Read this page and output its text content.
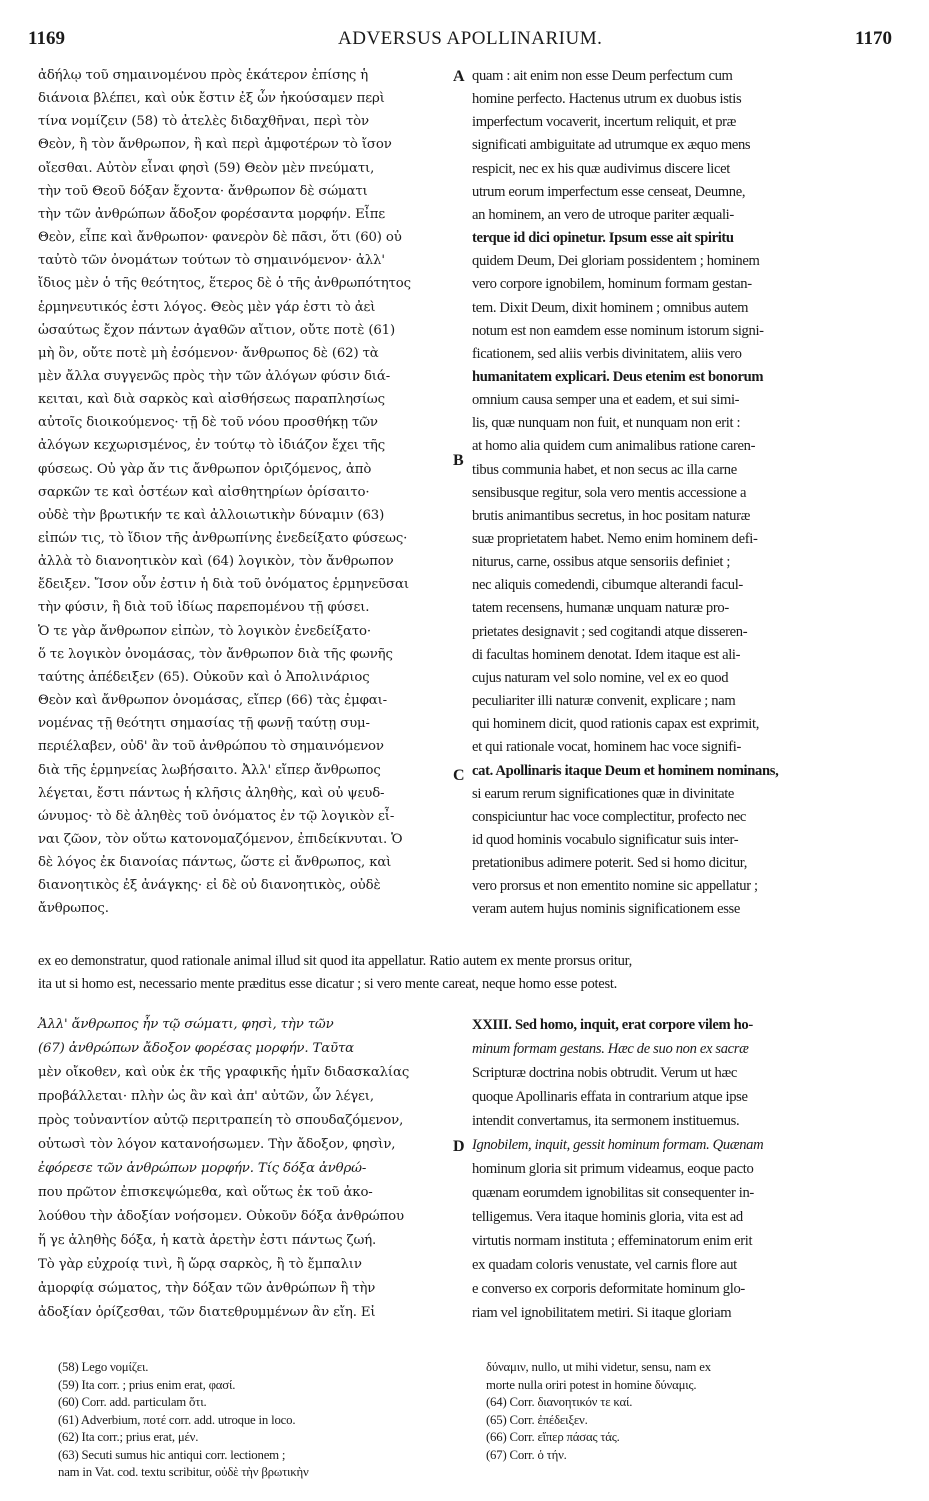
1169	ADVERSUS APOLLINARIUM.	1170
A
B
C
D
ἀδήλῳ τοῦ σημαινομένου πρὸς ἑκάτερον ἐπίσης ἡ
διάνοια βλέπει, καὶ οὐκ ἔστιν ἐξ ὧν ἠκούσαμεν περὶ
τίνα νομίζειν (58) τὸ ἀτελὲς διδαχθῆναι, περὶ τὸν
Θεὸν, ἢ τὸν ἄνθρωπον, ἢ καὶ περὶ ἀμφοτέρων τὸ ἴσον
οἴεσθαι. Αὐτὸν εἶναι φησὶ (59) Θεὸν μὲν πνεύματι,
τὴν τοῦ Θεοῦ δόξαν ἔχοντα· ἄνθρωπον δὲ σώματι
τὴν τῶν ἀνθρώπων ἄδοξον φορέσαντα μορφήν. Εἶπε
Θεὸν, εἶπε καὶ ἄνθρωπον· φανερὸν δὲ πᾶσι, ὅτι (60) οὐ
ταὐτὸ τῶν ὀνομάτων τούτων τὸ σημαινόμενον· ἀλλ'
ἴδιος μὲν ὁ τῆς θεότητος, ἕτερος δὲ ὁ τῆς ἀνθρωπότητος
ἑρμηνευτικός ἐστι λόγος. Θεὸς μὲν γάρ ἐστι τὸ ἀεὶ
ὡσαύτως ἔχον πάντων ἀγαθῶν αἴτιον, οὔτε ποτὲ (61)
μὴ ὂν, οὔτε ποτὲ μὴ ἐσόμενον· ἄνθρωπος δὲ (62) τὰ
μὲν ἄλλα συγγενῶς πρὸς τὴν τῶν ἀλόγων φύσιν διά-
κειται, καὶ διὰ σαρκὸς καὶ αἰσθήσεως παραπλησίως
αὐτοῖς διοικούμενος· τῇ δὲ τοῦ νόου προσθήκῃ τῶν
ἀλόγων κεχωρισμένος, ἐν τούτῳ τὸ ἰδιάζον ἔχει τῆς
φύσεως. Οὐ γὰρ ἄν τις ἄνθρωπον ὁριζόμενος, ἀπὸ
σαρκῶν τε καὶ ὀστέων καὶ αἰσθητηρίων ὁρίσαιτο·
οὐδὲ τὴν βρωτικήν τε καὶ ἀλλοιωτικὴν δύναμιν (63)
εἰπών τις, τὸ ἴδιον τῆς ἀνθρωπίνης ἐνεδείξατο φύσεως·
ἀλλὰ τὸ διανοητικὸν καὶ (64) λογικὸν, τὸν ἄνθρωπον
ἔδειξεν. Ἴσον οὖν ἐστιν ἡ διὰ τοῦ ὀνόματος ἑρμηνεῦσαι
τὴν φύσιν, ἢ διὰ τοῦ ἰδίως παρεπομένου τῇ φύσει.
Ὁ τε γὰρ ἄνθρωπον εἰπὼν, τὸ λογικὸν ἐνεδείξατο·
ὅ τε λογικὸν ὀνομάσας, τὸν ἄνθρωπον διὰ τῆς φωνῆς
ταύτης ἀπέδειξεν (65). Οὐκοῦν καὶ ὁ Ἀπολινάριος
Θεὸν καὶ ἄνθρωπον ὀνομάσας, εἴπερ (66) τὰς ἐμφαι-
νομένας τῇ θεότητι σημασίας τῇ φωνῇ ταύτῃ συμ-
περιέλαβεν, οὐδ' ἂν τοῦ ἀνθρώπου τὸ σημαινόμενον
διὰ τῆς ἑρμηνείας λωβήσαιτο. Ἀλλ' εἴπερ ἄνθρωπος
λέγεται, ἔστι πάντως ἡ κλῆσις ἀληθὴς, καὶ οὐ ψευδ-
ώνυμος· τὸ δὲ ἀληθὲς τοῦ ὀνόματος ἐν τῷ λογικὸν εἶ-
ναι ζῶον, τὸν οὕτω κατονομαζόμενον, ἐπιδείκνυται. Ὁ
δὲ λόγος ἐκ διανοίας πάντως, ὥστε εἰ ἄνθρωπος, καὶ
διανοητικὸς ἐξ ἀνάγκης· εἰ δὲ οὐ διανοητικὸς, οὐδὲ
ἄνθρωπος.
quam : ait enim non esse Deum perfectum cum
homine perfecto. Hactenus utrum ex duobus istis
imperfectum vocaverit, incertum reliquit, et præ
significati ambiguitate ad utrumque ex æquo mens
respicit, nec ex his quæ audivimus discere licet
utrum eorum imperfectum esse censeat, Deumne,
an hominem, an vero de utroque pariter æquali-
terque id dici opinetur. Ipsum esse ait spiritu
quidem Deum, Dei gloriam possidentem ; hominem
vero corpore ignobilem, hominum formam gestan-
tem. Dixit Deum, dixit hominem ; omnibus autem
notum est non eamdem esse nominum istorum signi-
ficationem, sed aliis verbis divinitatem, aliis vero
humanitatem explicari. Deus etenim est bonorum
omnium causa semper una et eadem, et sui simi-
lis, quæ nunquam non fuit, et nunquam non erit :
at homo alia quidem cum animalibus ratione caren-
tibus communia habet, et non secus ac illa carne
sensibusque regitur, sola vero mentis accessione a
brutis animantibus secretus, in hoc positam naturæ
suæ proprietatem habet. Nemo enim hominem defi-
niturus, carne, ossibus atque sensoriis definiet ;
nec aliquis comedendi, cibumque alterandi facul-
tatem recensens, humanæ unquam naturæ pro-
prietates designavit ; sed cogitandi atque disseren-
di facultas hominem denotat. Idem itaque est ali-
cujus naturam vel solo nomine, vel ex eo quod
peculiariter illi naturæ convenit, explicare ; nam
qui hominem dicit, quod rationis capax est exprimit,
et qui rationale vocat, hominem hac voce signifi-
cat. Apollinaris itaque Deum et hominem nominans,
si earum rerum significationes quæ in divinitate
conspiciuntur hac voce complectitur, profecto nec
id quod hominis vocabulo significatur suis inter-
pretationibus adimere poterit. Sed si homo dicitur,
vero prorsus et non ementito nomine sic appellatur ;
veram autem hujus nominis significationem esse
ex eo demonstratur, quod rationale animal illud sit quod ita appellatur. Ratio autem ex mente prorsus oritur,
ita ut si homo est, necessario mente præditus esse dicatur ; si vero mente careat, neque homo esse potest.
Ἀλλ' ἄνθρωπος ἦν τῷ σώματι, φησὶ, τὴν τῶν
(67) ἀνθρώπων ἄδοξον φορέσας μορφήν. Ταῦτα
μὲν οἴκοθεν, καὶ οὐκ ἐκ τῆς γραφικῆς ἡμῖν διδασκαλίας
προβάλλεται· πλὴν ὡς ἂν καὶ ἀπ' αὐτῶν, ὧν λέγει,
πρὸς τοὐναντίον αὐτῷ περιτραπείη τὸ σπουδαζόμενον,
οὑτωσὶ τὸν λόγον κατανοήσωμεν. Τὴν ἄδοξον, φησὶν,
ἐφόρεσε τῶν ἀνθρώπων μορφήν. Τίς δόξα ἀνθρώ-
που πρῶτον ἐπισκεψώμεθα, καὶ οὕτως ἐκ τοῦ ἀκο-
λούθου τὴν ἀδοξίαν νοήσομεν. Οὐκοῦν δόξα ἀνθρώπου
ἥ γε ἀληθὴς δόξα, ἡ κατὰ ἀρετὴν ἐστι πάντως ζωή.
Τὸ γὰρ εὐχροίᾳ τινὶ, ἢ ὥρᾳ σαρκὸς, ἢ τὸ ἔμπαλιν
ἀμορφίᾳ σώματος, τὴν δόξαν τῶν ἀνθρώπων ἢ τὴν
ἀδοξίαν ὁρίζεσθαι, τῶν διατεθρυμμένων ἂν εἴη. Εἰ
XXIII. Sed homo, inquit, erat corpore vilem ho-
minum formam gestans. Hæc de suo non ex sacræ
Scripturæ doctrina nobis obtrudit. Verum ut hæc
quoque Apollinaris effata in contrarium atque ipse
intendit convertamus, ita sermonem instituemus.
Ignobilem, inquit, gessit hominum formam. Quænam
hominum gloria sit primum videamus, eoque pacto
quænam eorumdem ignobilitas sit consequenter in-
telligemus. Vera itaque hominis gloria, vita est ad
virtutis normam instituta ; effeminatorum enim erit
ex quadam coloris venustate, vel carnis flore aut
e converso ex corporis deformitate hominum glo-
riam vel ignobilitatem metiri. Si itaque gloriam
(58) Lego νομίζει.
(59) Ita corr. ; prius enim erat, φασί.
(60) Corr. add. particulam ὅτι.
(61) Adverbium, ποτέ corr. add. utroque in loco.
(62) Ita corr.; prius erat, μέν.
(63) Secuti sumus hic antiqui corr. lectionem ;
nam in Vat. cod. textu scribitur, οὐδὲ τὴν βρωτικὴν
δύναμιν, nullo, ut mihi videtur, sensu, nam ex
morte nulla oriri potest in homine δύναμις.
(64) Corr. διανοητικόν τε καί.
(65) Corr. ἐπέδειξεν.
(66) Corr. εἴπερ πάσας τάς.
(67) Corr. ὁ τήν.
